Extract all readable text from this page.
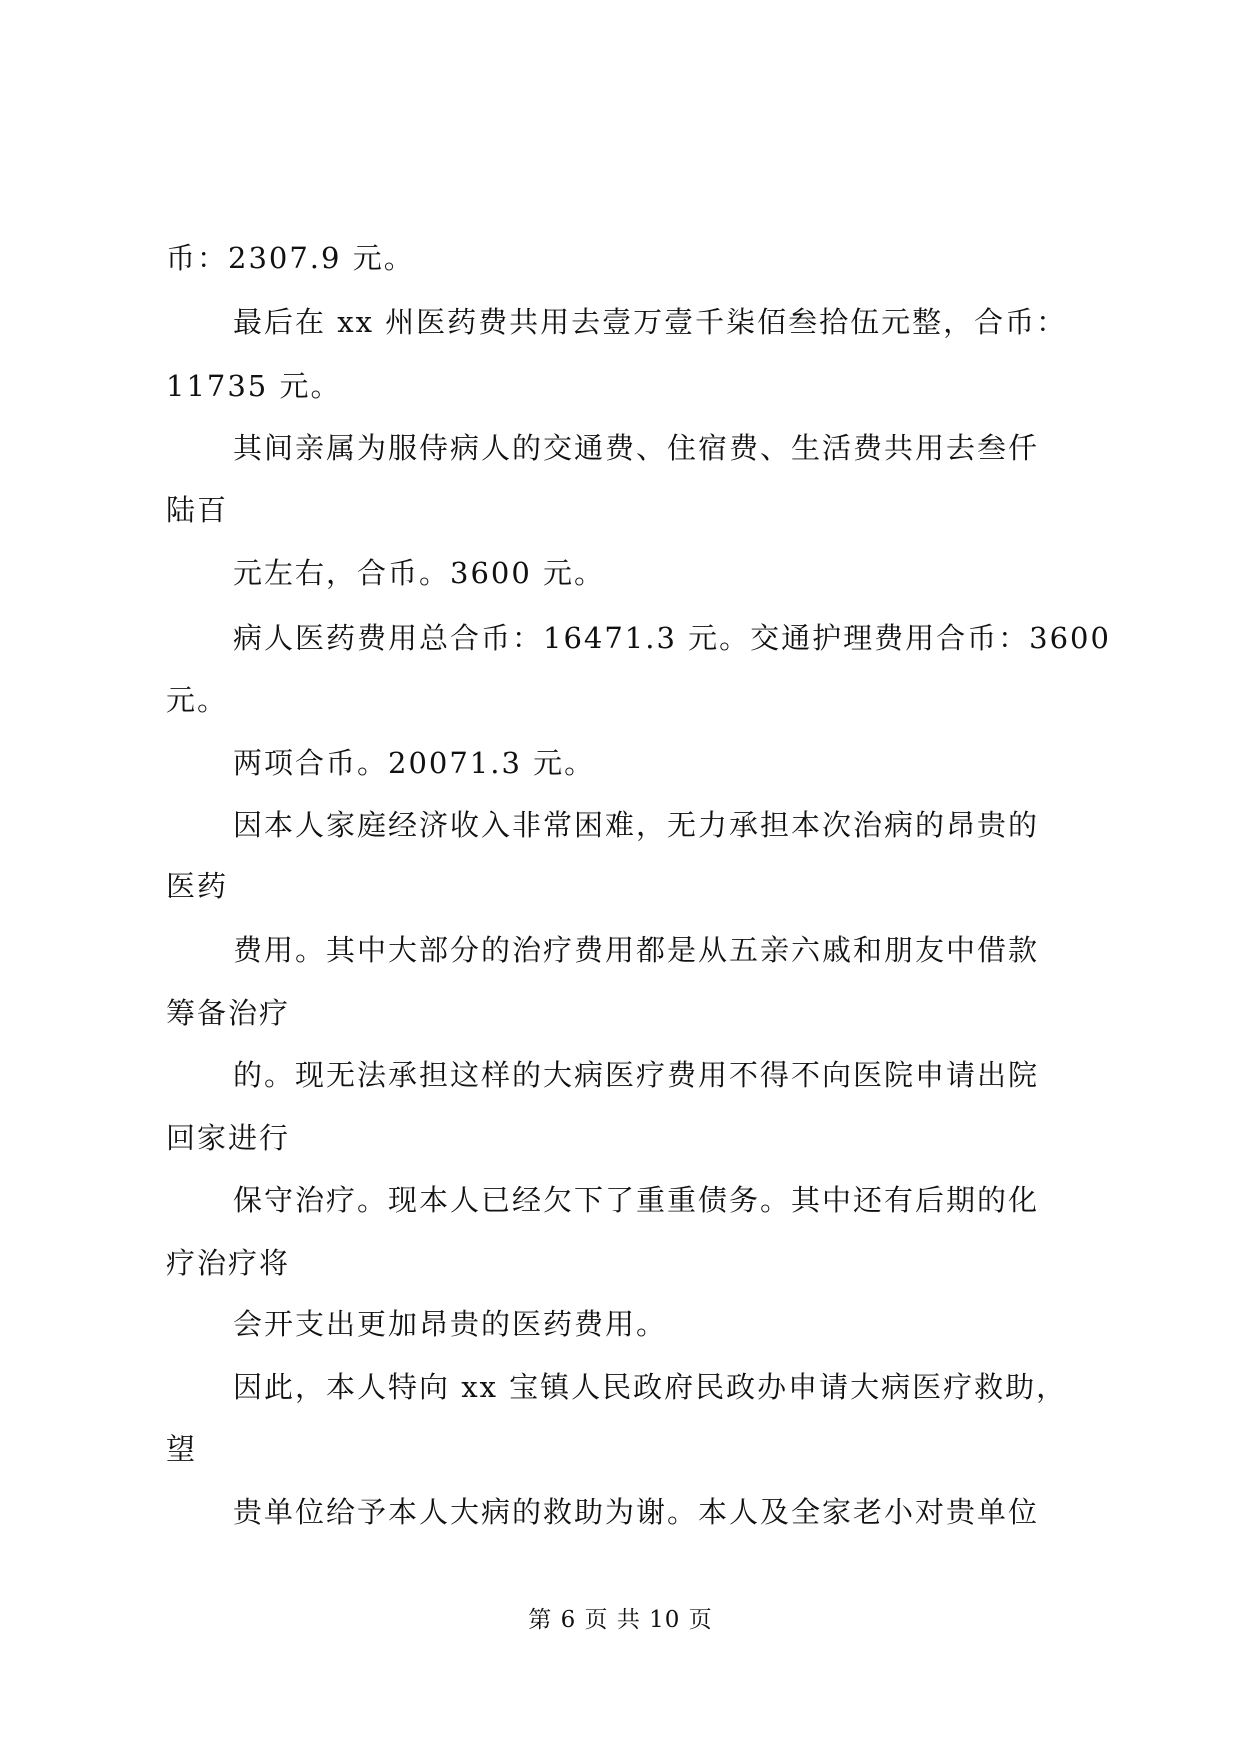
币：2307.9 元。
最后在 xx 州医药费共用去壹万壹千柒佰叁拾伍元整，合币：
11735 元。
其间亲属为服侍病人的交通费、住宿费、生活费共用去叁仟
陆百
元左右，合币。3600 元。
病人医药费用总合币：16471.3 元。交通护理费用合币：3600
元。
两项合币。20071.3 元。
因本人家庭经济收入非常困难，无力承担本次治病的昂贵的
医药
费用。其中大部分的治疗费用都是从五亲六戚和朋友中借款
筹备治疗
的。现无法承担这样的大病医疗费用不得不向医院申请出院
回家进行
保守治疗。现本人已经欠下了重重债务。其中还有后期的化
疗治疗将
会开支出更加昂贵的医药费用。
因此，本人特向 xx 宝镇人民政府民政办申请大病医疗救助，
望
贵单位给予本人大病的救助为谢。本人及全家老小对贵单位
第 6 页 共 10 页
